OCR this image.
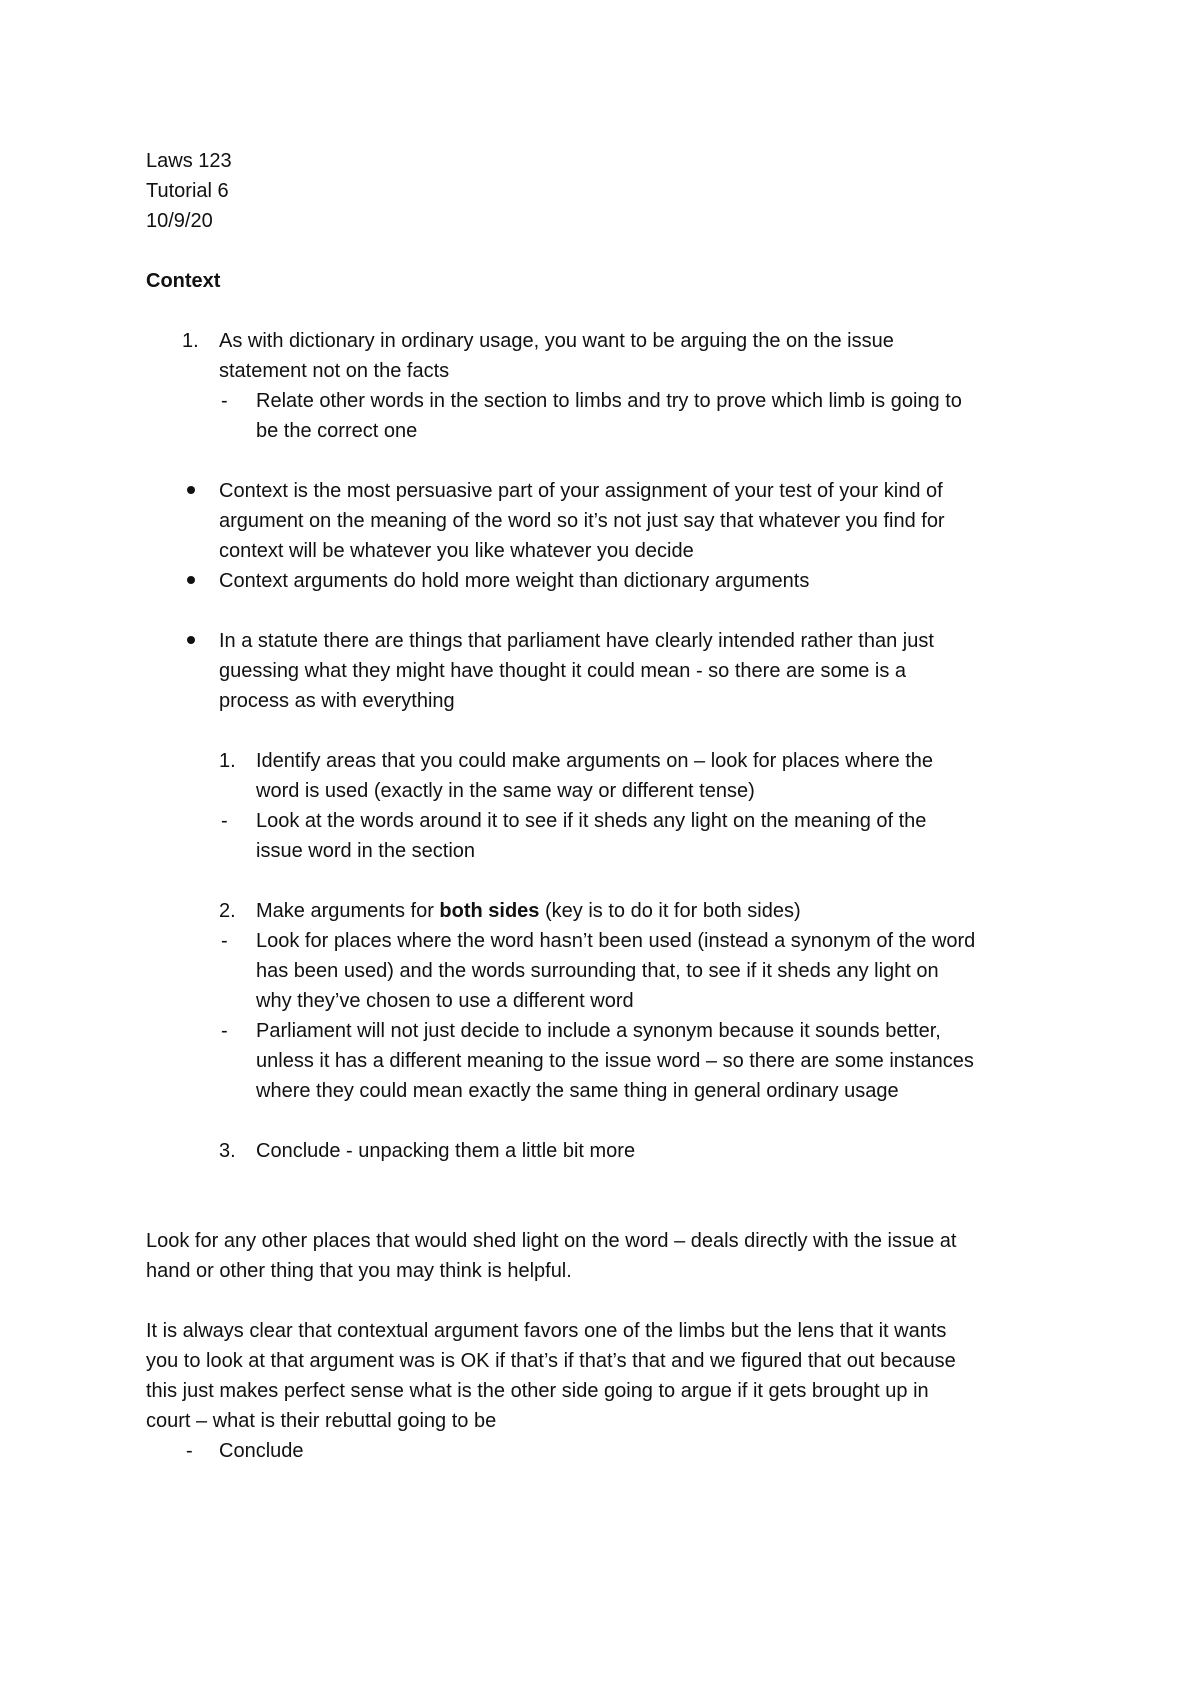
Laws 123
Tutorial 6
10/9/20
Context
1. As with dictionary in ordinary usage, you want to be arguing the on the issue
statement not on the facts
- Relate other words in the section to limbs and try to prove which limb is going to
be the correct one
Context is the most persuasive part of your assignment of your test of your kind of
argument on the meaning of the word so it’s not just say that whatever you find for
context will be whatever you like whatever you decide
Context arguments do hold more weight than dictionary arguments
In a statute there are things that parliament have clearly intended rather than just
guessing what they might have thought it could mean - so there are some is a
process as with everything
1. Identify areas that you could make arguments on – look for places where the
word is used (exactly in the same way or different tense)
- Look at the words around it to see if it sheds any light on the meaning of the
issue word in the section
2. Make arguments for both sides (key is to do it for both sides)
- Look for places where the word hasn’t been used (instead a synonym of the word
has been used) and the words surrounding that, to see if it sheds any light on
why they’ve chosen to use a different word
- Parliament will not just decide to include a synonym because it sounds better,
unless it has a different meaning to the issue word – so there are some instances
where they could mean exactly the same thing in general ordinary usage
3. Conclude - unpacking them a little bit more
Look for any other places that would shed light on the word – deals directly with the issue at
hand or other thing that you may think is helpful.
It is always clear that contextual argument favors one of the limbs but the lens that it wants
you to look at that argument was is OK if that’s if that’s that and we figured that out because
this just makes perfect sense what is the other side going to argue if it gets brought up in
court – what is their rebuttal going to be
- Conclude
